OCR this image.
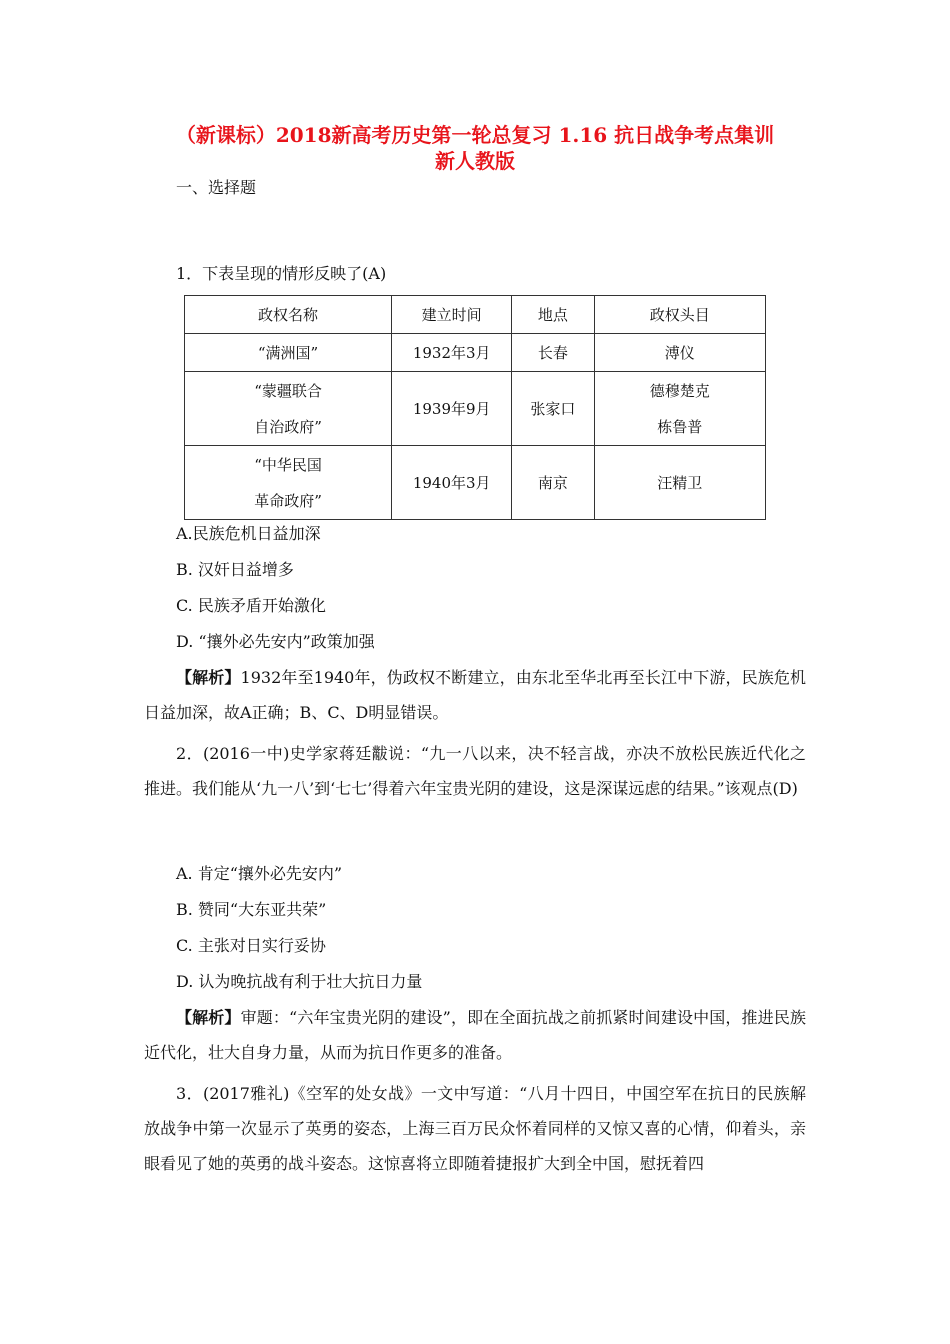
（新课标）2018新高考历史第一轮总复习 1.16 抗日战争考点集训
新人教版
一、选择题
1．下表呈现的情形反映了(A)
政权名称	建立时间	地点	政权头目
“满洲国”	1932年3月	长春	溥仪

“蒙疆联合
自治政府”	1939年9月	张家口	德穆楚克
栋鲁普

“中华民国
革命政府”	1940年3月	南京	汪精卫
A.民族危机日益加深
B. 汉奸日益增多
C. 民族矛盾开始激化
D. “攘外必先安内”政策加强
【解析】1932年至1940年，伪政权不断建立，由东北至华北再至长江中下游，民族危机日益加深，故A正确；B、C、D明显错误。
2．(2016一中)史学家蒋廷黻说：“九一八以来，决不轻言战，亦决不放松民族近代化之推进。我们能从‘九一八’到‘七七’得着六年宝贵光阴的建设，这是深谋远虑的结果。”该观点(D)
A. 肯定“攘外必先安内”
B. 赞同“大东亚共荣”
C. 主张对日实行妥协
D. 认为晚抗战有利于壮大抗日力量
【解析】审题：“六年宝贵光阴的建设”，即在全面抗战之前抓紧时间建设中国，推进民族近代化，壮大自身力量，从而为抗日作更多的准备。
3．(2017雅礼)《空军的处女战》一文中写道：“八月十四日，中国空军在抗日的民族解放战争中第一次显示了英勇的姿态，上海三百万民众怀着同样的又惊又喜的心情，仰着头，亲眼看见了她的英勇的战斗姿态。这惊喜将立即随着捷报扩大到全中国，慰抚着四
